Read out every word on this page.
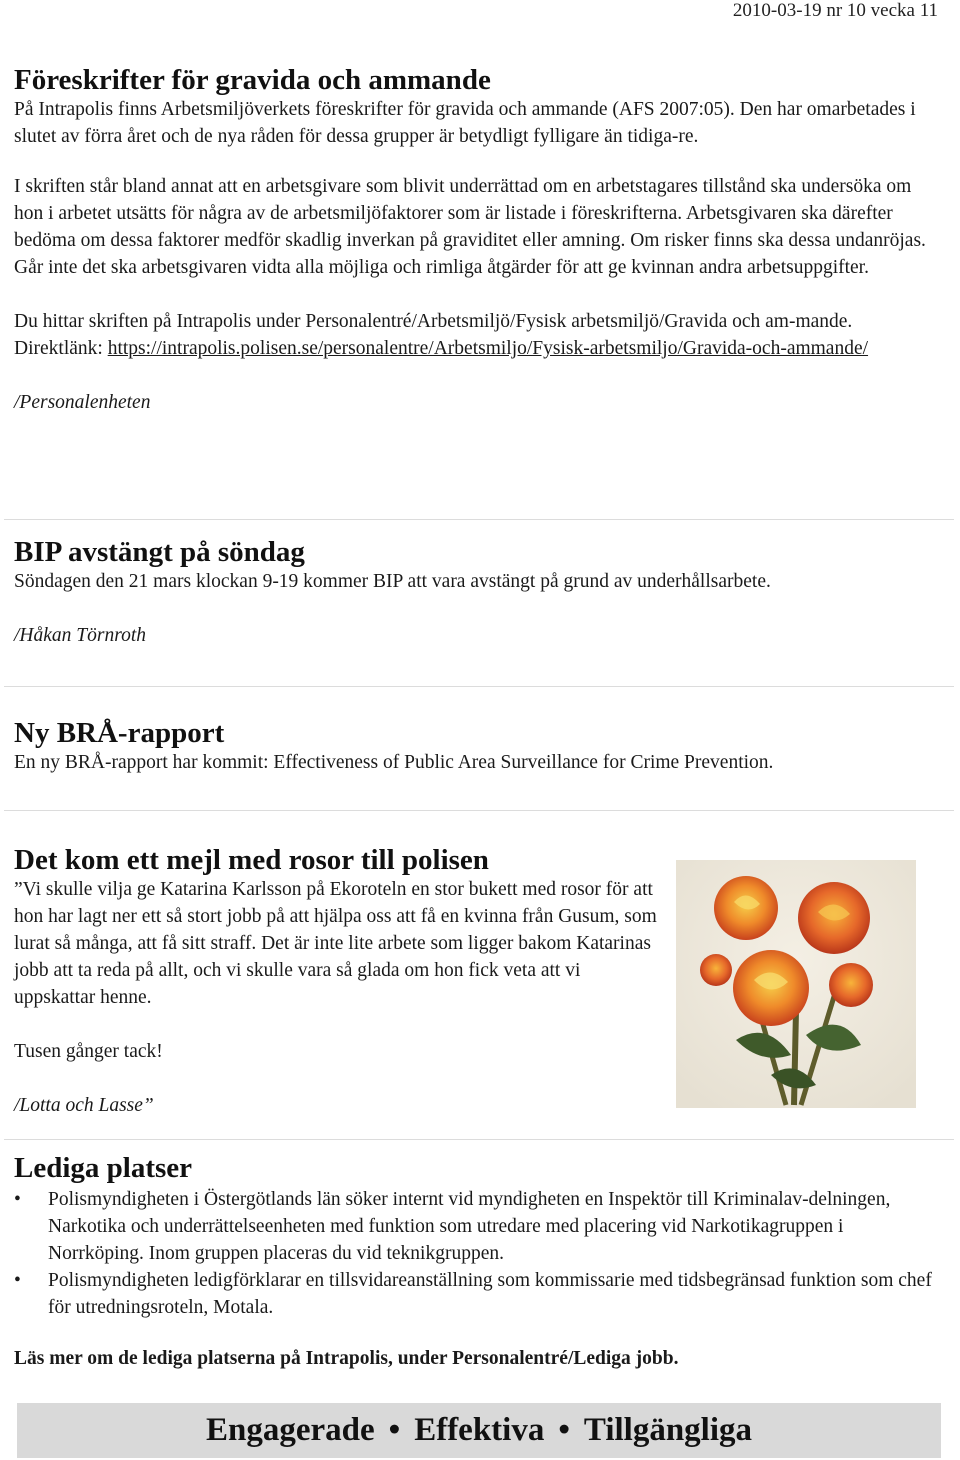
2010-03-19 nr 10 vecka 11
Föreskrifter för gravida och ammande

På Intrapolis finns Arbetsmiljöverkets föreskrifter för gravida och ammande (AFS 2007:05). Den har omarbetades i slutet av förra året och de nya råden för dessa grupper är betydligt fylligare än tidiga-re.

I skriften står bland annat att en arbetsgivare som blivit underrättad om en arbetstagares tillstånd ska undersöka om hon i arbetet utsätts för några av de arbetsmiljöfaktorer som är listade i föreskrifterna. Arbetsgivaren ska därefter bedöma om dessa faktorer medför skadlig inverkan på graviditet eller amning. Om risker finns ska dessa undanröjas. Går inte det ska arbetsgivaren vidta alla möjliga och rimliga åtgärder för att ge kvinnan andra arbetsuppgifter.

Du hittar skriften på Intrapolis under Personalentré/Arbetsmiljö/Fysisk arbetsmiljö/Gravida och am-mande. Direktlänk: https://intrapolis.polisen.se/personalentre/Arbetsmiljo/Fysisk-arbetsmiljo/Gravida-och-ammande/

/Personalenheten

BIP avstängt på söndag

Söndagen den 21 mars klockan 9-19 kommer BIP att vara avstängt på grund av underhållsarbete.

/Håkan Törnroth

Ny BRÅ-rapport

En ny BRÅ-rapport har kommit: Effectiveness of Public Area Surveillance for Crime Prevention.

Det kom ett mejl med rosor till polisen

”Vi skulle vilja ge Katarina Karlsson på Ekoroteln en stor bukett med rosor för att hon har lagt ner ett så stort jobb på att hjälpa oss att få en kvinna från Gusum, som lurat så många, att få sitt straff. Det är inte lite arbete som ligger bakom Katarinas jobb att ta reda på allt, och vi skulle vara så glada om hon fick veta att vi uppskattar henne.

Tusen gånger tack!

/Lotta och Lasse”

Lediga platser
• Polismyndigheten i Östergötlands län söker internt vid myndigheten en Inspektör till Kriminalav-delningen, Narkotika och underrättelseenheten med funktion som utredare med placering vid Narkotikagruppen i Norrköping. Inom gruppen placeras du vid teknikgruppen.
• Polismyndigheten ledigförklarar en tillsvidareanställning som kommissarie med tidsbegränsad funktion som chef för utredningsroteln, Motala.

Läs mer om de lediga platserna på Intrapolis, under Personalentré/Lediga jobb.

Engagerade • Effektiva • Tillgängliga
